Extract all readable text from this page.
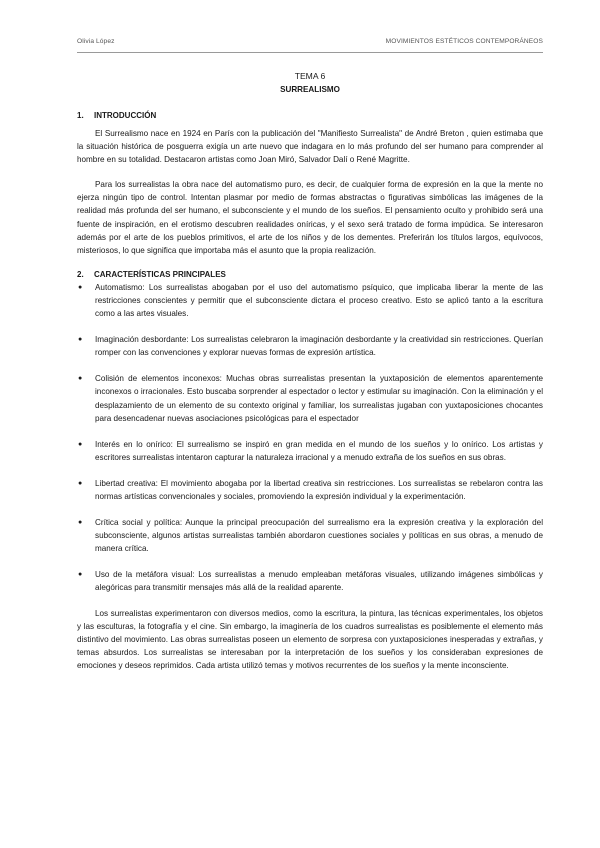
Olivia López	MOVIMIENTOS ESTÉTICOS CONTEMPORÁNEOS

TEMA 6

SURREALISMO

1. INTRODUCCIÓN

El Surrealismo nace en 1924 en París con la publicación del "Manifiesto Surrealista" de André Breton , quien estimaba que la situación histórica de posguerra exigía un arte nuevo que indagara en lo más profundo del ser humano para comprender al hombre en su totalidad. Destacaron artistas como Joan Miró, Salvador Dalí o René Magritte.

Para los surrealistas la obra nace del automatismo puro, es decir, de cualquier forma de expresión en la que la mente no ejerza ningún tipo de control. Intentan plasmar por medio de formas abstractas o figurativas simbólicas las imágenes de la realidad más profunda del ser humano, el subconsciente y el mundo de los sueños. El pensamiento oculto y prohibido será una fuente de inspiración, en el erotismo descubren realidades oníricas, y el sexo será tratado de forma impúdica. Se interesaron además por el arte de los pueblos primitivos, el arte de los niños y de los dementes. Preferirán los títulos largos, equívocos, misteriosos, lo que significa que importaba más el asunto que la propia realización.

2. CARACTERÍSTICAS PRINCIPALES

● Automatismo: Los surrealistas abogaban por el uso del automatismo psíquico, que implicaba liberar la mente de las restricciones conscientes y permitir que el subconsciente dictara el proceso creativo. Esto se aplicó tanto a la escritura como a las artes visuales.
● Imaginación desbordante: Los surrealistas celebraron la imaginación desbordante y la creatividad sin restricciones. Querían romper con las convenciones y explorar nuevas formas de expresión artística.
● Colisión de elementos inconexos: Muchas obras surrealistas presentan la yuxtaposición de elementos aparentemente inconexos o irracionales. Esto buscaba sorprender al espectador o lector y estimular su imaginación. Con la eliminación y el desplazamiento de un elemento de su contexto original y familiar, los surrealistas jugaban con yuxtaposiciones chocantes para desencadenar nuevas asociaciones psicológicas para el espectador
● Interés en lo onírico: El surrealismo se inspiró en gran medida en el mundo de los sueños y lo onírico. Los artistas y escritores surrealistas intentaron capturar la naturaleza irracional y a menudo extraña de los sueños en sus obras.
● Libertad creativa: El movimiento abogaba por la libertad creativa sin restricciones. Los surrealistas se rebelaron contra las normas artísticas convencionales y sociales, promoviendo la expresión individual y la experimentación.
● Crítica social y política: Aunque la principal preocupación del surrealismo era la expresión creativa y la exploración del subconsciente, algunos artistas surrealistas también abordaron cuestiones sociales y políticas en sus obras, a menudo de manera crítica.
● Uso de la metáfora visual: Los surrealistas a menudo empleaban metáforas visuales, utilizando imágenes simbólicas y alegóricas para transmitir mensajes más allá de la realidad aparente.

Los surrealistas experimentaron con diversos medios, como la escritura, la pintura, las técnicas experimentales, los objetos y las esculturas, la fotografía y el cine. Sin embargo, la imaginería de los cuadros surrealistas es posiblemente el elemento más distintivo del movimiento. Las obras surrealistas poseen un elemento de sorpresa con yuxtaposiciones inesperadas y extrañas, y temas absurdos. Los surrealistas se interesaban por la interpretación de los sueños y los consideraban expresiones de emociones y deseos reprimidos. Cada artista utilizó temas y motivos recurrentes de los sueños y la mente inconsciente.
